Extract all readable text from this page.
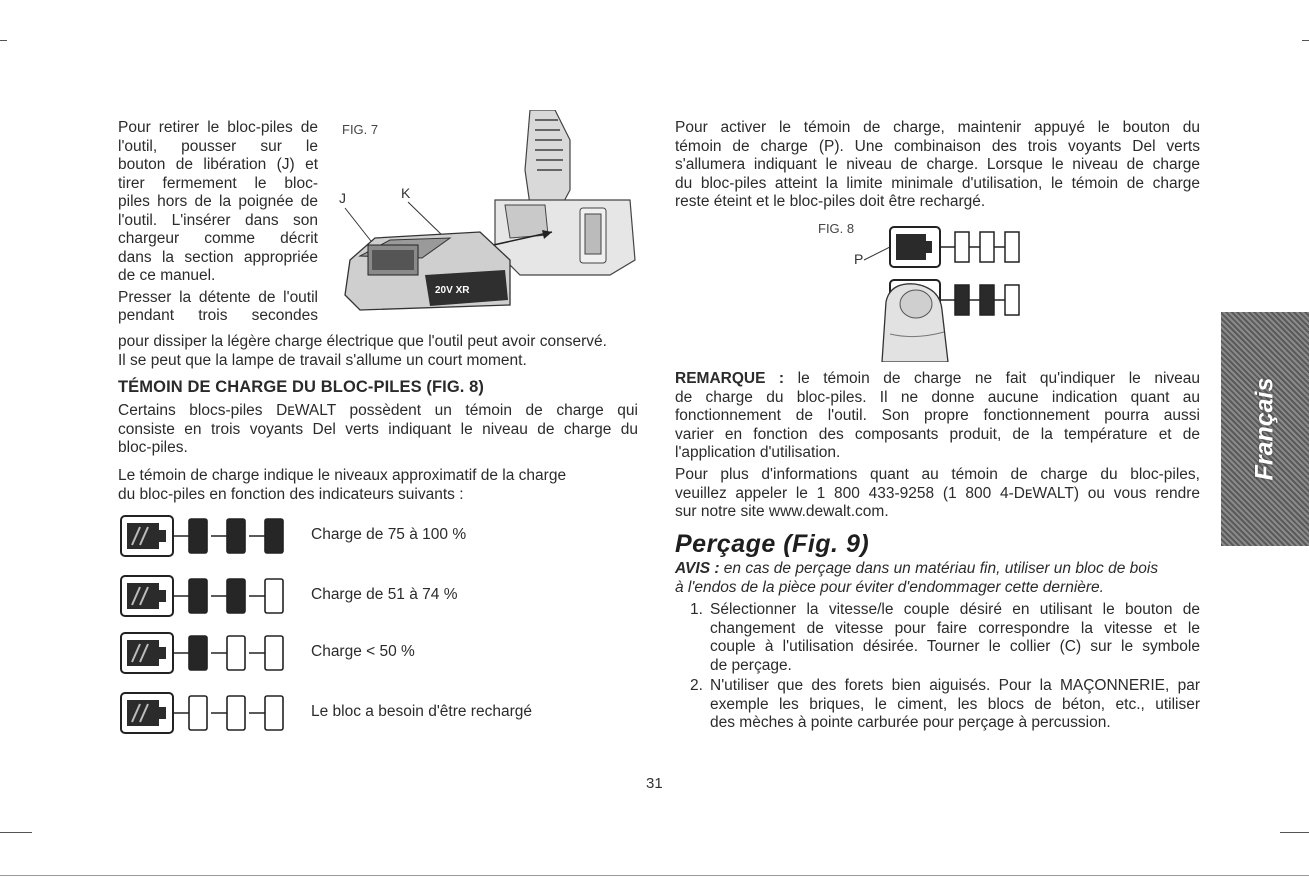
Pour retirer le bloc-piles de
l'outil, pousser sur le
bouton de libération (J) et
tirer fermement le bloc-
piles hors de la poignée de
l'outil. L'insérer dans son
chargeur comme décrit
dans la section appropriée
de ce manuel.
Presser la détente de l'outil
pendant trois secondes
pour dissiper la légère charge électrique que l'outil peut avoir conservé.
Il se peut que la lampe de travail s'allume un court moment.
FIG. 7
J	K
20V XR
TÉMOIN DE CHARGE DU BLOC-PILES (FIG. 8)
Certains blocs-piles DᴇWALT possèdent un témoin de charge qui
consiste en trois voyants Del verts indiquant le niveau de charge du
bloc-piles.
Le témoin de charge indique le niveaux approximatif de la charge
du bloc-piles en fonction des indicateurs suivants :
Charge de 75 à 100 %
Charge de 51 à 74 %
Charge < 50 %
Le bloc a besoin d'être rechargé
Pour activer le témoin de charge, maintenir appuyé le bouton du
témoin de charge (P). Une combinaison des trois voyants Del verts
s'allumera indiquant le niveau de charge. Lorsque le niveau de charge
du bloc-piles atteint la limite minimale d'utilisation, le témoin de charge
reste éteint et le bloc-piles doit être rechargé.
FIG. 8
P
REMARQUE : le témoin de charge ne fait qu'indiquer le niveau
de charge du bloc-piles. Il ne donne aucune indication quant au
fonctionnement de l'outil. Son propre fonctionnement pourra aussi
varier en fonction des composants produit, de la température et de
l'application d'utilisation.
Pour plus d'informations quant au témoin de charge du bloc-piles,
veuillez appeler le 1 800 433-9258 (1 800 4-DᴇWALT) ou vous rendre
sur notre site www.dewalt.com.
Perçage (Fig. 9)
AVIS : en cas de perçage dans un matériau fin, utiliser un bloc de bois
à l'endos de la pièce pour éviter d'endommager cette dernière.
1. Sélectionner la vitesse/le couple désiré en utilisant le bouton de
changement de vitesse pour faire correspondre la vitesse et le
couple à l'utilisation désirée. Tourner le collier (C) sur le symbole
de perçage.
2. N'utiliser que des forets bien aiguisés. Pour la MAÇONNERIE, par
exemple les briques, le ciment, les blocs de béton, etc., utiliser
des mèches à pointe carburée pour perçage à percussion.
Français
31
